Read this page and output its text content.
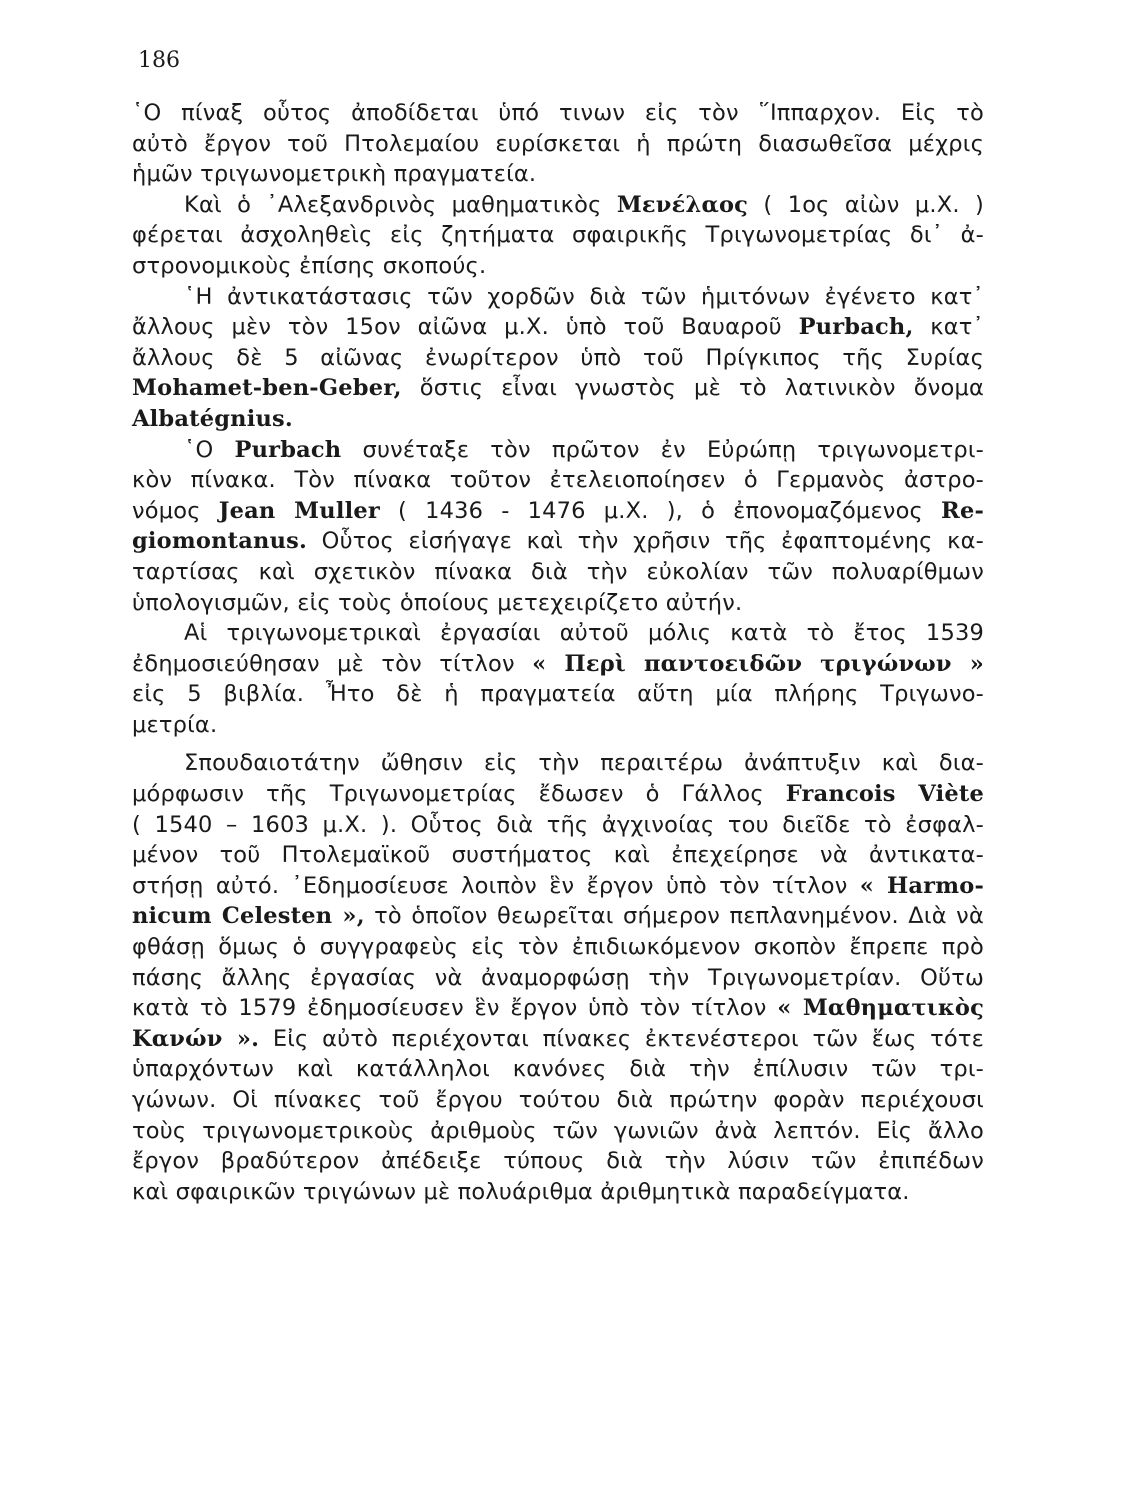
186
῾Ο πίναξ οὗτος ἀποδίδεται ὑπό τινων εἰς τὸν ῞Ιππαρχον. Εἰς τὸ
αὐτὸ ἔργον τοῦ Πτολεμαίου ευρίσκεται ἡ πρώτη διασωθεῖσα μέχρις
ἡμῶν τριγωνομετρικὴ πραγματεία.
Καὶ ὁ ᾿Αλεξανδρινὸς μαθηματικὸς Μενέλαος ( 1ος αἰὼν μ.Χ. )
φέρεται ἀσχοληθεὶς εἰς ζητήματα σφαιρικῆς Τριγωνομετρίας δι᾿ ἀ-
στρονομικοὺς ἐπίσης σκοπούς.
῾Η ἀντικατάστασις τῶν χορδῶν διὰ τῶν ἡμιτόνων ἐγένετο κατ᾿
ἄλλους μὲν τὸν 15ον αἰῶνα μ.Χ. ὑπὸ τοῦ Βαυαροῦ Purbach, κατ᾿
ἄλλους δὲ 5 αἰῶνας ἐνωρίτερον ὑπὸ τοῦ Πρίγκιπος τῆς Συρίας
Mohamet-ben-Geber, ὅστις εἶναι γνωστὸς μὲ τὸ λατινικὸν ὄνομα
Albatégnius.
῾Ο Purbach συνέταξε τὸν πρῶτον ἐν Εὐρώπῃ τριγωνομετρι-
κὸν πίνακα. Τὸν πίνακα τοῦτον ἐτελειοποίησεν ὁ Γερμανὸς ἀστρο-
νόμος Jean Muller ( 1436 - 1476 μ.Χ. ), ὁ ἐπονομαζόμενος Re-
giomontanus. Οὗτος εἰσήγαγε καὶ τὴν χρῆσιν τῆς ἐφαπτομένης κα-
ταρτίσας καὶ σχετικὸν πίνακα διὰ τὴν εὐκολίαν τῶν πολυαρίθμων
ὑπολογισμῶν, εἰς τοὺς ὁποίους μετεχειρίζετο αὐτήν.
Αἱ τριγωνομετρικαὶ ἐργασίαι αὐτοῦ μόλις κατὰ τὸ ἔτος 1539
ἐδημοσιεύθησαν μὲ τὸν τίτλον « Περὶ παντοειδῶν τριγώνων »
εἰς 5 βιβλία. Ἦτο δὲ ἡ πραγματεία αὕτη μία πλήρης Τριγωνο-
μετρία.
Σπουδαιοτάτην ὤθησιν εἰς τὴν περαιτέρω ἀνάπτυξιν καὶ δια-
μόρφωσιν τῆς Τριγωνομετρίας ἔδωσεν ὁ Γάλλος Francois Viète
( 1540 – 1603 μ.Χ. ). Οὗτος διὰ τῆς ἀγχινοίας του διεῖδε τὸ ἐσφαλ-
μένον τοῦ Πτολεμαϊκοῦ συστήματος καὶ ἐπεχείρησε νὰ ἀντικατα-
στήσῃ αὐτό. ᾿Εδημοσίευσε λοιπὸν ἓν ἔργον ὑπὸ τὸν τίτλον « Harmo-
nicum Celesten », τὸ ὁποῖον θεωρεῖται σήμερον πεπλανημένον. Διὰ νὰ
φθάσῃ ὅμως ὁ συγγραφεὺς εἰς τὸν ἐπιδιωκόμενον σκοπὸν ἔπρεπε πρὸ
πάσης ἄλλης ἐργασίας νὰ ἀναμορφώσῃ τὴν Τριγωνομετρίαν. Οὕτω
κατὰ τὸ 1579 ἐδημοσίευσεν ἓν ἔργον ὑπὸ τὸν τίτλον « Μαθηματικὸς
Κανών ». Εἰς αὐτὸ περιέχονται πίνακες ἐκτενέστεροι τῶν ἕως τότε
ὑπαρχόντων καὶ κατάλληλοι κανόνες διὰ τὴν ἐπίλυσιν τῶν τρι-
γώνων. Οἱ πίνακες τοῦ ἔργου τούτου διὰ πρώτην φορὰν περιέχουσι
τοὺς τριγωνομετρικοὺς ἀριθμοὺς τῶν γωνιῶν ἀνὰ λεπτόν. Εἰς ἄλλο
ἔργον βραδύτερον ἀπέδειξε τύπους διὰ τὴν λύσιν τῶν ἐπιπέδων
καὶ σφαιρικῶν τριγώνων μὲ πολυάριθμα ἀριθμητικὰ παραδείγματα.
